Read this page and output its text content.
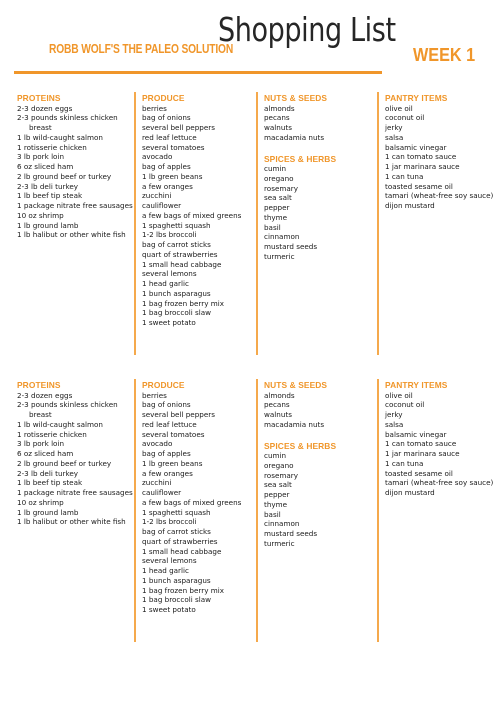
ROBB WOLF'S THE PALEO SOLUTION
Shopping List
WEEK 1
PROTEINS
2-3 dozen eggs
2-3 pounds skinless chicken
breast
1 lb wild-caught salmon
1 rotisserie chicken
3 lb pork loin
6 oz sliced ham
2 lb ground beef or turkey
2-3 lb deli turkey
1 lb beef tip steak
1 package nitrate free sausages
10 oz shrimp
1 lb ground lamb
1 lb halibut or other white fish
PRODUCE
berries
bag of onions
several bell peppers
red leaf lettuce
several tomatoes
avocado
bag of apples
1 lb green beans
a few oranges
zucchini
cauliflower
a few bags of mixed greens
1 spaghetti squash
1-2 lbs broccoli
bag of carrot sticks
quart of strawberries
1 small head cabbage
several lemons
1 head garlic
1 bunch asparagus
1 bag frozen berry mix
1 bag broccoli slaw
1 sweet potato
NUTS & SEEDS
almonds
pecans
walnuts
macadamia nuts
SPICES & HERBS
cumin
oregano
rosemary
sea salt
pepper
thyme
basil
cinnamon
mustard seeds
turmeric
PANTRY ITEMS
olive oil
coconut oil
jerky
salsa
balsamic vinegar
1 can tomato sauce
1 jar marinara sauce
1 can tuna
toasted sesame oil
tamari (wheat-free soy sauce)
dijon mustard
PROTEINS
2-3 dozen eggs
2-3 pounds skinless chicken
breast
1 lb wild-caught salmon
1 rotisserie chicken
3 lb pork loin
6 oz sliced ham
2 lb ground beef or turkey
2-3 lb deli turkey
1 lb beef tip steak
1 package nitrate free sausages
10 oz shrimp
1 lb ground lamb
1 lb halibut or other white fish
PRODUCE
berries
bag of onions
several bell peppers
red leaf lettuce
several tomatoes
avocado
bag of apples
1 lb green beans
a few oranges
zucchini
cauliflower
a few bags of mixed greens
1 spaghetti squash
1-2 lbs broccoli
bag of carrot sticks
quart of strawberries
1 small head cabbage
several lemons
1 head garlic
1 bunch asparagus
1 bag frozen berry mix
1 bag broccoli slaw
1 sweet potato
NUTS & SEEDS
almonds
pecans
walnuts
macadamia nuts
SPICES & HERBS
cumin
oregano
rosemary
sea salt
pepper
thyme
basil
cinnamon
mustard seeds
turmeric
PANTRY ITEMS
olive oil
coconut oil
jerky
salsa
balsamic vinegar
1 can tomato sauce
1 jar marinara sauce
1 can tuna
toasted sesame oil
tamari (wheat-free soy sauce)
dijon mustard
